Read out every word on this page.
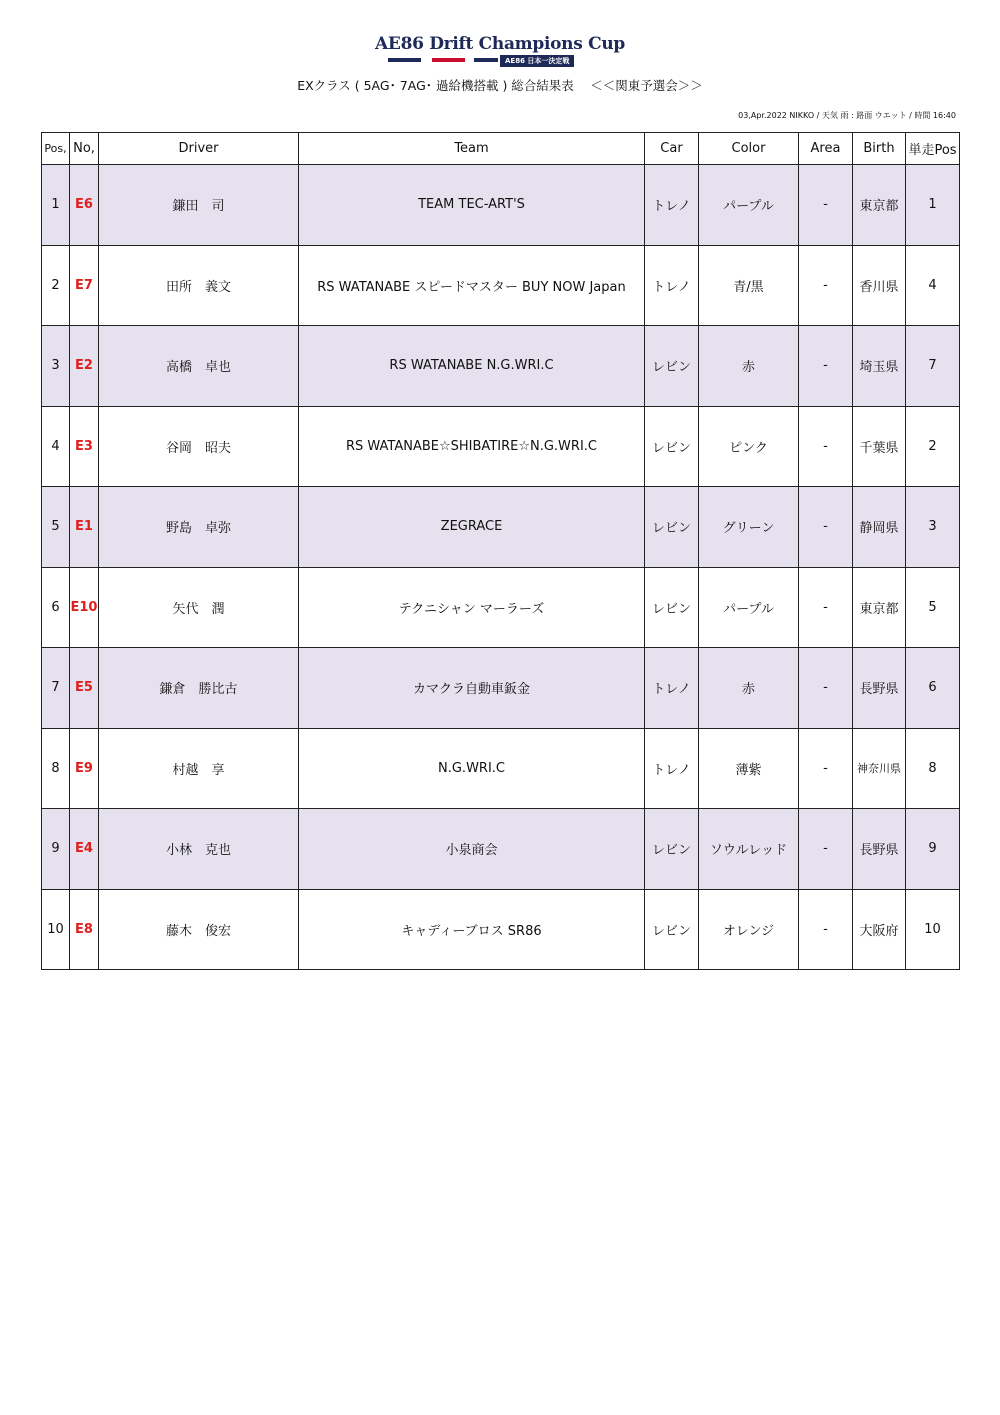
AE86 Drift Champions Cup
AE86 日本一決定戦
EXクラス ( 5AG･ 7AG･ 過給機搭載 ) 総合結果表　 ＜＜関東予選会＞＞
03,Apr.2022 NIKKO / 天気 雨 : 路面 ウエット / 時間 16:40
Pos,	No,	Driver	Team	Car	Color	Area	Birth	単走Pos
1	E6	鎌田　司	TEAM TEC-ART'S	トレノ	パープル	-	東京都	1
2	E7	田所　義文	RS WATANABE スピードマスター BUY NOW Japan	トレノ	青/黒	-	香川県	4
3	E2	高橋　卓也	RS WATANABE N.G.WRI.C	レビン	赤	-	埼玉県	7
4	E3	谷岡　昭夫	RS WATANABE☆SHIBATIRE☆N.G.WRI.C	レビン	ピンク	-	千葉県	2
5	E1	野島　卓弥	ZEGRACE	レビン	グリーン	-	静岡県	3
6	E10	矢代　潤	テクニシャン マーラーズ	レビン	パープル	-	東京都	5
7	E5	鎌倉　勝比古	カマクラ自動車鈑金	トレノ	赤	-	長野県	6
8	E9	村越　享	N.G.WRI.C	トレノ	薄紫	-	神奈川県	8
9	E4	小林　克也	小泉商会	レビン	ソウルレッド	-	長野県	9
10	E8	藤木　俊宏	キャディーブロス SR86	レビン	オレンジ	-	大阪府	10
